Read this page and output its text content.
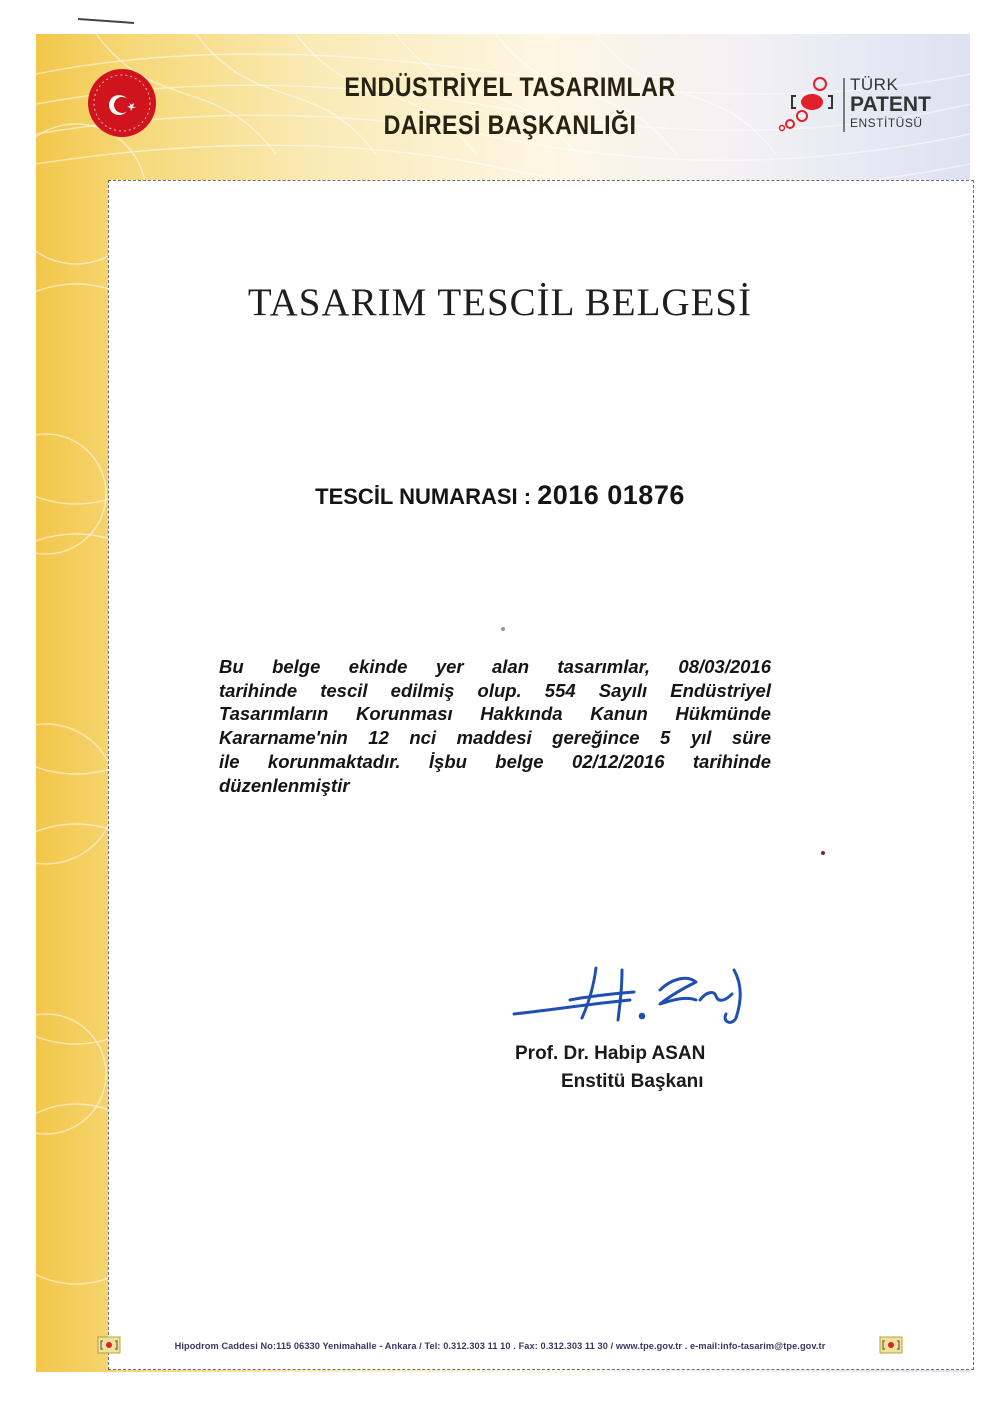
ENDÜSTRİYEL TASARIMLAR
DAİRESİ BAŞKANLIĞI
TÜRK
PATENT
ENSTİTÜSÜ
TASARIM TESCİL BELGESİ
TESCİL NUMARASI : 2016 01876
Bu belge ekinde yer alan tasarımlar, 08/03/2016
tarihinde tescil edilmiş olup. 554 Sayılı Endüstriyel
Tasarımların Korunması Hakkında Kanun Hükmünde
Kararname'nin 12 nci maddesi gereğince 5 yıl süre
ile korunmaktadır. İşbu belge 02/12/2016 tarihinde
düzenlenmiştir
Prof. Dr. Habip ASAN
Enstitü Başkanı
Hipodrom Caddesi No:115 06330 Yenimahalle - Ankara / Tel: 0.312.303 11 10 . Fax: 0.312.303 11 30 / www.tpe.gov.tr . e-mail:info-tasarim@tpe.gov.tr
